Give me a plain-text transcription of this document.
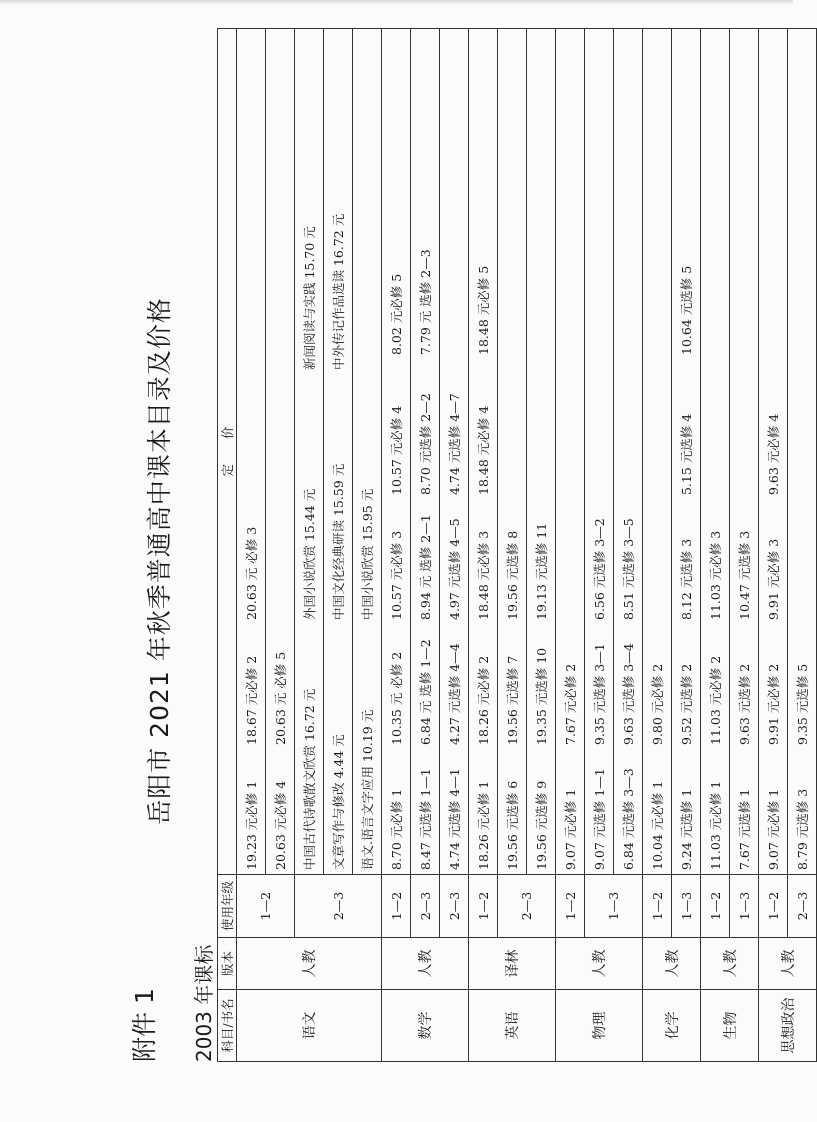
附件 1
岳阳市 2021 年秋季普通高中课本目录及价格
2003 年课标 科目/书名	版本	使用年级	定　　价
语文	人教	1—2	19.23 元必修 1
18.67 元必修 2
20.63 元 必修 3

			20.63 元必修 4
20.63 元 必修 5

		2—3	中国古代诗歌散文欣赏 16.72 元
外国小说欣赏 15.44 元
新闻阅读与实践 15.70 元

			文章写作与修改 4.44 元
中国文化经典研读 15.59 元
中外传记作品选读 16.72 元

			语文.语言文字应用 10.19 元
中国小说欣赏 15.95 元

数学	人教	1—2	8.70 元必修 1
10.35 元 必修 2
10.57 元必修 3
10.57 元必修 4
8.02 元必修 5

		2—3	8.47 元选修 1—1
6.84 元 选修 1—2
8.94 元 选修 2—1
8.70 元选修 2—2
7.79 元 选修 2—3

		2—3	4.74 元选修 4—1
4.27 元选修 4—4
4.97 元选修 4—5
4.74 元选修 4—7

英语	译林	1—2	18.26 元必修 1
18.26 元必修 2
18.48 元必修 3
18.48 元必修 4
18.48 元必修 5

		2—3	19.56 元选修 6
19.56 元选修 7
19.56 元选修 8

			19.56 元选修 9
19.35 元选修 10
19.13 元选修 11

物理	人教	1—2	9.07 元必修 1
7.67 元必修 2

		1—3	9.07 元选修 1—1
9.35 元选修 3—1
6.56 元选修 3—2

			6.84 元选修 3—3
9.63 元选修 3—4
8.51 元选修 3—5

化学	人教	1—2	10.04 元必修 1
9.80 元必修 2

		1—3	9.24 元选修 1
9.52 元选修 2
8.12 元选修 3
5.15 元选修 4
10.64 元选修 5

生物	人教	1—2	11.03 元必修 1
11.03 元必修 2
11.03 元必修 3

		1—3	7.67 元选修 1
9.63 元选修 2
10.47 元选修 3

思想政治	人教	1—2	9.07 元必修 1
9.91 元必修 2
9.91 元必修 3
9.63 元必修 4

		2—3	8.79 元选修 3
9.35 元选修 5
